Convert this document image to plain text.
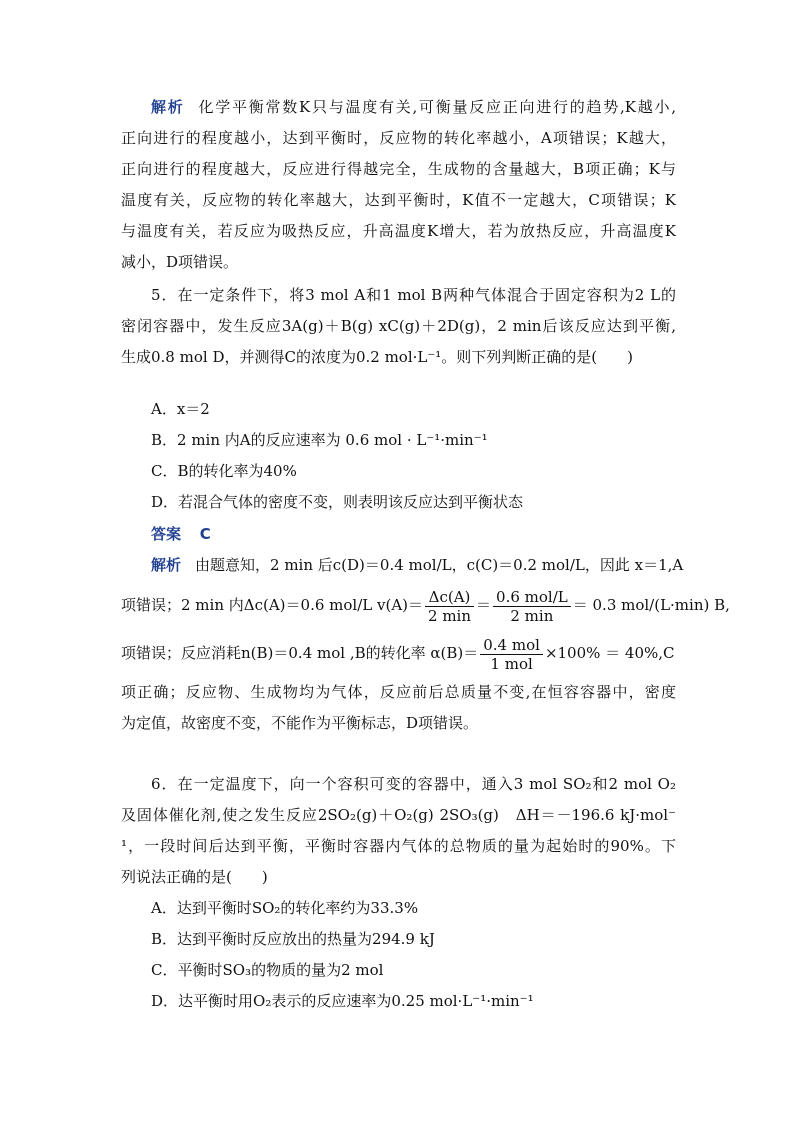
解析 化学平衡常数K只与温度有关,可衡量反应正向进行的趋势,K越小,
正向进行的程度越小，达到平衡时，反应物的转化率越小，A项错误；K越大，
正向进行的程度越大，反应进行得越完全，生成物的含量越大，B项正确；K与
温度有关，反应物的转化率越大，达到平衡时，K值不一定越大，C项错误；K
与温度有关，若反应为吸热反应，升高温度K增大，若为放热反应，升高温度K
减小，D项错误。
5．在一定条件下，将3 mol A和1 mol B两种气体混合于固定容积为2 L的
密闭容器中，发生反应3A(g)＋B(g) xC(g)＋2D(g)，2 min后该反应达到平衡,
生成0.8 mol D，并测得C的浓度为0.2 mol·L⁻¹。则下列判断正确的是(　　)
A．x＝2
B．2 min 内A的反应速率为 0.6 mol · L⁻¹·min⁻¹
C．B的转化率为40%
D．若混合气体的密度不变，则表明该反应达到平衡状态
答案 C
解析 由题意知，2 min 后c(D)＝0.4 mol/L，c(C)＝0.2 mol/L，因此 x＝1,A
项错误；2 min 内Δc(A)＝0.6 mol/L $v(A)= \frac{\Delta c(A)}{2 \min} = \frac{\text{0.6 mol/L}}{2 \min} = 0.3$ mol/(L·min) B,
项错误；反应消耗n(B)＝0.4 mol ,B的转化率 $\alpha(B)= \frac{\text{0.4 mol}}{\text{1 mol}} \times 100\% = 40\%,C$
项正确；反应物、生成物均为气体，反应前后总质量不变,在恒容容器中，密度
为定值，故密度不变，不能作为平衡标志，D项错误。
6．在一定温度下，向一个容积可变的容器中，通入3 mol SO₂和2 mol O₂
及固体催化剂,使之发生反应2SO₂(g)＋O₂(g) 2SO₃(g)　ΔH＝－196.6 kJ·mol⁻
¹，一段时间后达到平衡，平衡时容器内气体的总物质的量为起始时的90%。下
列说法正确的是(　　)
A．达到平衡时SO₂的转化率约为33.3%
B．达到平衡时反应放出的热量为294.9 kJ
C．平衡时SO₃的物质的量为2 mol
D．达平衡时用O₂表示的反应速率为0.25 mol·L⁻¹·min⁻¹
